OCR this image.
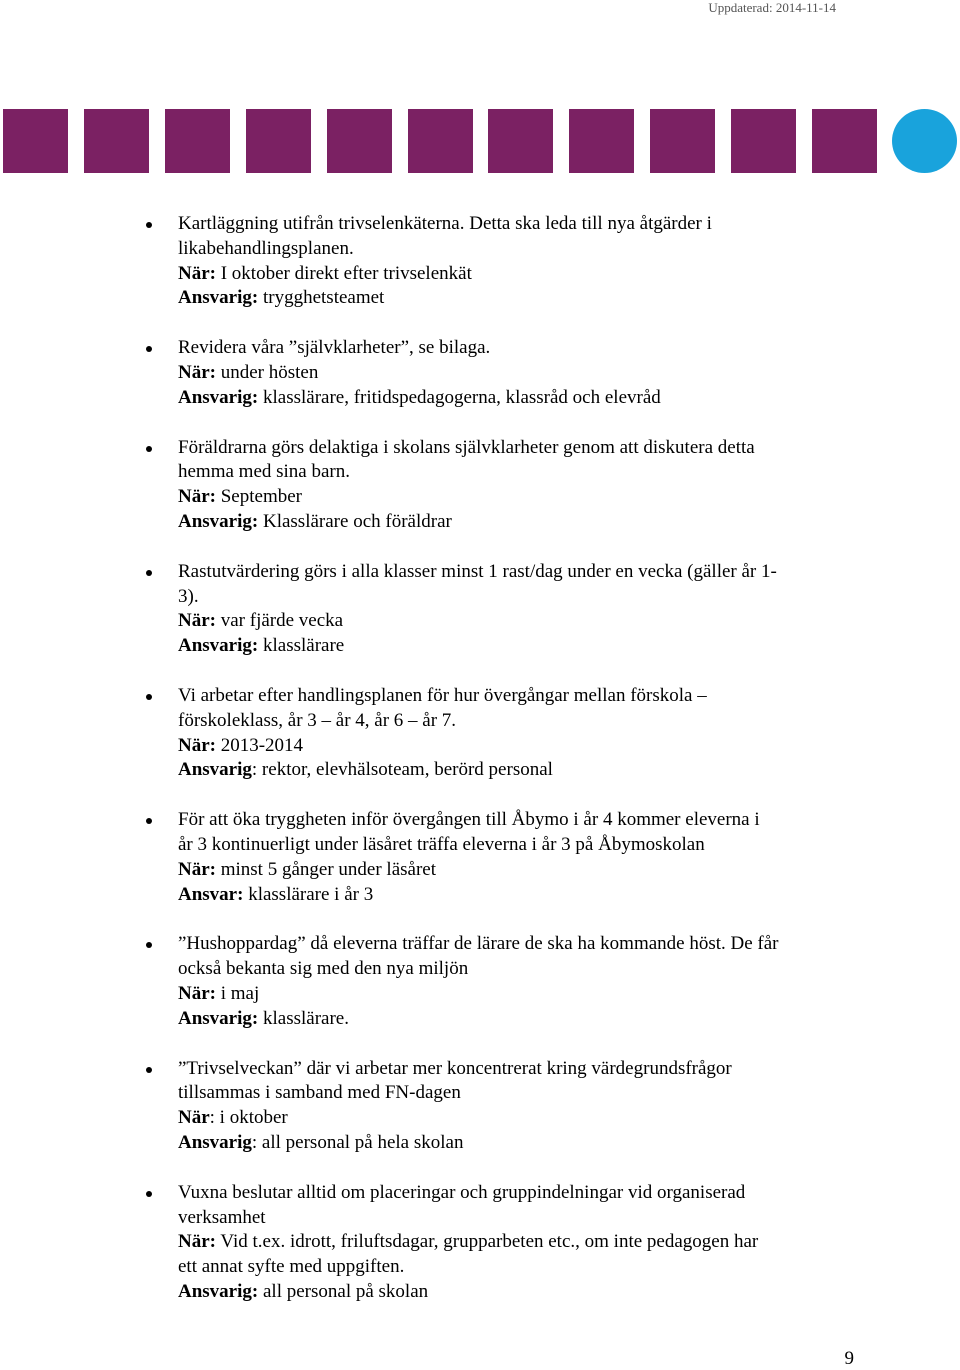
Uppdaterad: 2014-11-14
Kartläggning utifrån trivselenkäterna. Detta ska leda till nya åtgärder i
likabehandlingsplanen.
När: I oktober direkt efter trivselenkät
Ansvarig: trygghetsteamet
Revidera våra ”självklarheter”, se bilaga.
När: under hösten
Ansvarig: klasslärare, fritidspedagogerna, klassråd och elevråd
Föräldrarna görs delaktiga i skolans självklarheter genom att diskutera detta
hemma med sina barn.
När: September
Ansvarig: Klasslärare och föräldrar
Rastutvärdering görs i alla klasser minst 1 rast/dag under en vecka (gäller år 1-
3).
När: var fjärde vecka
Ansvarig: klasslärare
Vi arbetar efter handlingsplanen för hur övergångar mellan förskola –
förskoleklass, år 3 – år 4, år 6 – år 7.
När: 2013-2014
Ansvarig: rektor, elevhälsoteam, berörd personal
För att öka tryggheten inför övergången till Åbymo i år 4 kommer eleverna i
år 3 kontinuerligt under läsåret träffa eleverna i år 3 på Åbymoskolan
När: minst 5 gånger under läsåret
Ansvar: klasslärare i år 3
”Hushoppardag” då eleverna träffar de lärare de ska ha kommande höst. De får
också bekanta sig med den nya miljön
När: i maj
Ansvarig: klasslärare.
”Trivselveckan” där vi arbetar mer koncentrerat kring värdegrundsfrågor
tillsammas i samband med FN-dagen
När: i oktober
Ansvarig: all personal på hela skolan
Vuxna beslutar alltid om placeringar och gruppindelningar vid organiserad
verksamhet
När: Vid t.ex. idrott, friluftsdagar, grupparbeten etc., om inte pedagogen har
ett annat syfte med uppgiften.
Ansvarig: all personal på skolan
9
